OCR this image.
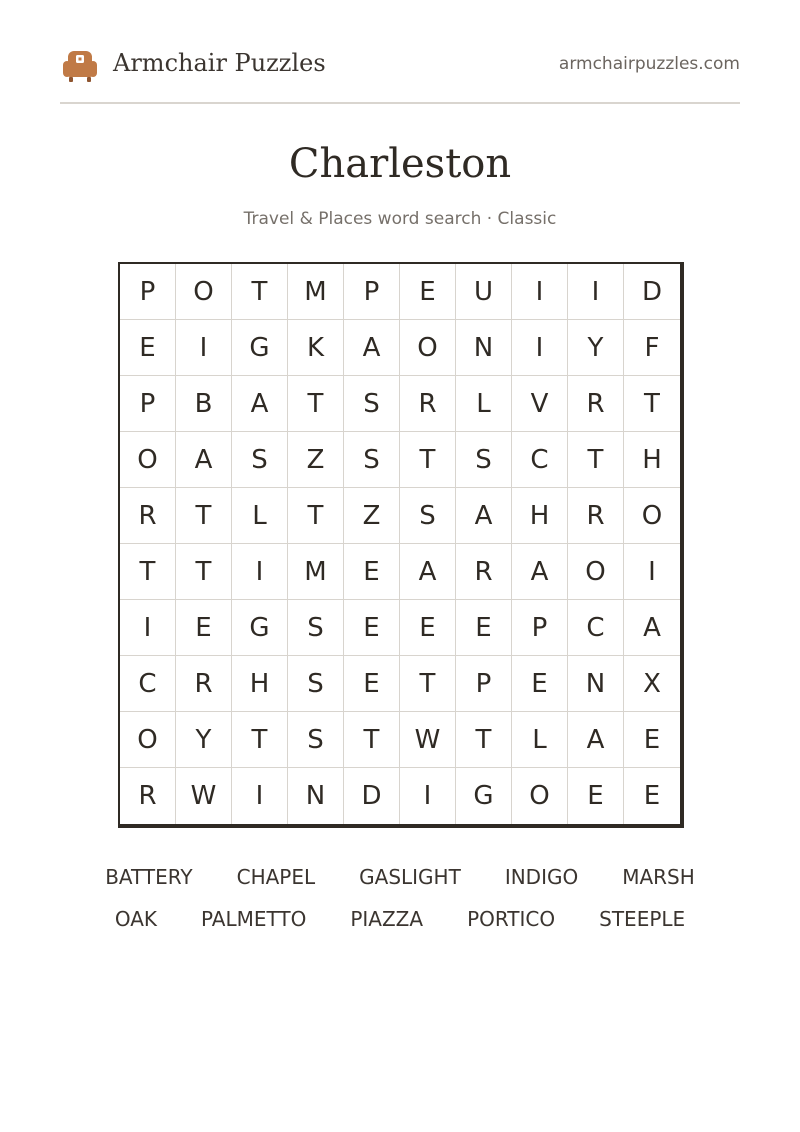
Armchair Puzzles	armchairpuzzles.com
Charleston
Travel & Places word search · Classic
P	O	T	M	P	E	U	I	I	D
E	I	G	K	A	O	N	I	Y	F
P	B	A	T	S	R	L	V	R	T
O	A	S	Z	S	T	S	C	T	H
R	T	L	T	Z	S	A	H	R	O
T	T	I	M	E	A	R	A	O	I
I	E	G	S	E	E	E	P	C	A
C	R	H	S	E	T	P	E	N	X
O	Y	T	S	T	W	T	L	A	E
R	W	I	N	D	I	G	O	E	E
BATTERY CHAPEL GASLIGHT INDIGO MARSH
OAK PALMETTO PIAZZA PORTICO STEEPLE
